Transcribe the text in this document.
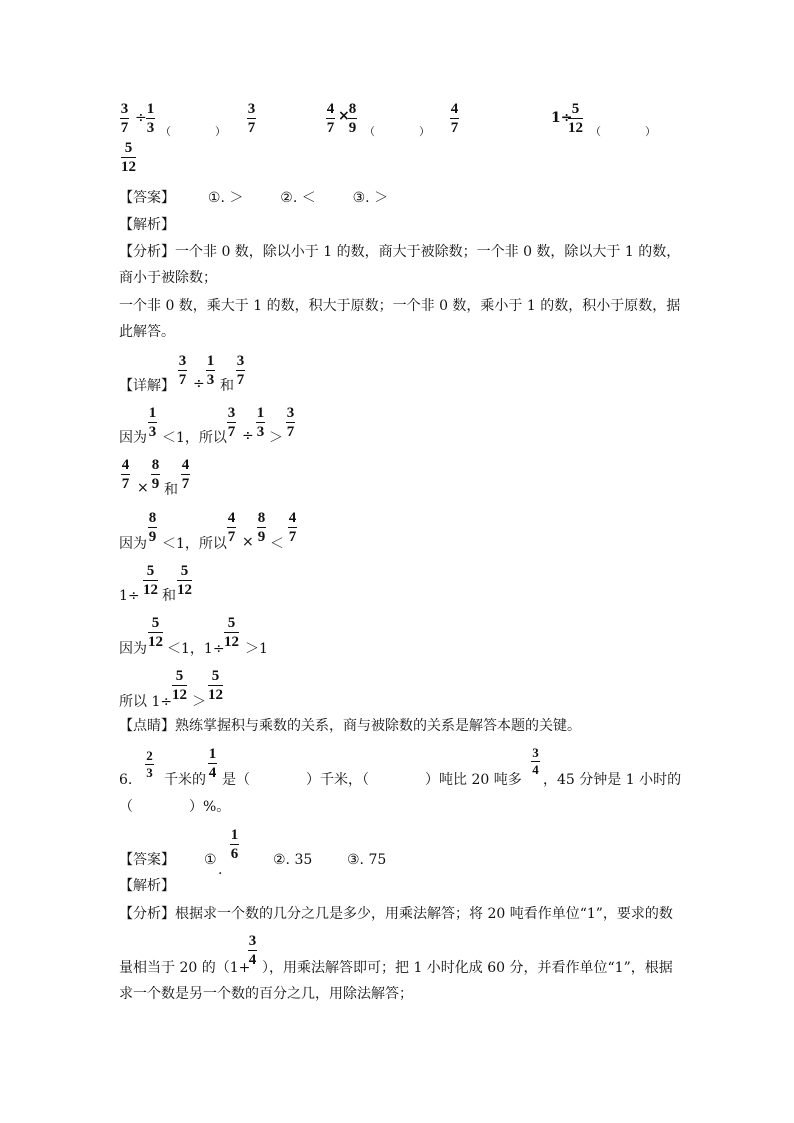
3
7
÷
1
3 （　　　　）
3
7
4
7
× 8
9 （　　　　）
4
7
1÷
5
12 （　　　　）
5
12
【答案】 ①. ＞	②. ＜	③. ＞
【解析】
【分析】一个非 0 数，除以小于 1 的数，商大于被除数；一个非 0 数，除以大于 1 的数，
商小于被除数；
一个非 0 数，乘大于 1 的数，积大于原数；一个非 0 数，乘小于 1 的数，积小于原数，据
此解答。
【详解】
3
7 ÷
1
3 和
3
7
因为
1
3 ＜1，所以
3
7 ÷
1
3 ＞
3
7
4
7 ×
8
9 和
4
7
因为
8
9 ＜1，所以
4
7 ×
8
9 ＜
4
7
1÷
5
12 和
5
12
因为
5
12 ＜1，1÷
5
12 ＞1
所以 1÷
5
12 ＞
5
12
【点睛】熟练掌握积与乘数的关系，商与被除数的关系是解答本题的关键。
6.
2
3 千米的
1
4 是（　　　　）千米，（　　　　）吨比 20 吨多
3
4
，45 分钟是 1 小时的
（　　　　）%。
【答案】 ①
1
6
.
②. 35 ③. 75
【解析】
【分析】根据求一个数的几分之几是多少，用乘法解答；将 20 吨看作单位“1”，要求的数
量相当于 20 的（1+
3
4 ），用乘法解答即可；把 1 小时化成 60 分，并看作单位“1”，根据
求一个数是另一个数的百分之几，用除法解答；
